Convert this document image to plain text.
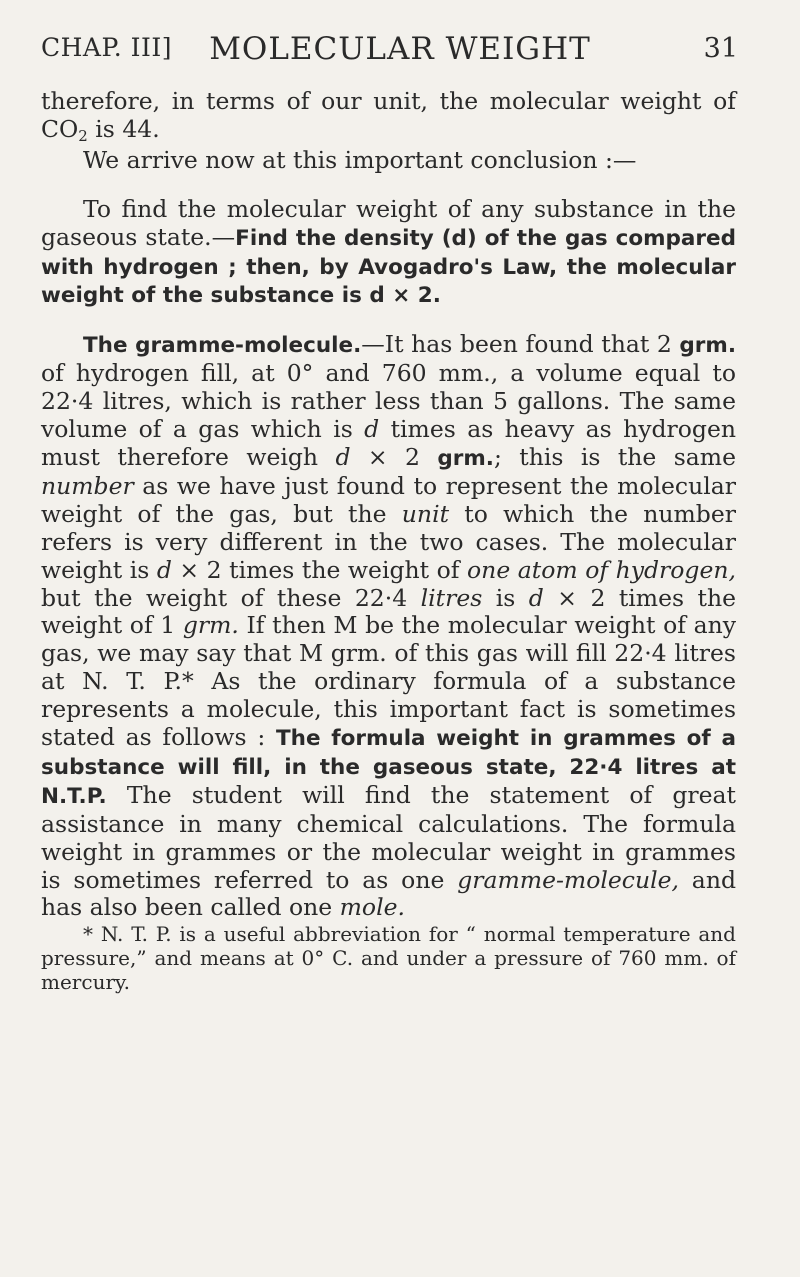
CHAP. III]	MOLECULAR WEIGHT	31

therefore, in terms of our unit, the molecular weight of CO2 is 44.

We arrive now at this important conclusion :—

To find the molecular weight of any substance in the gaseous state.—Find the density (d) of the gas compared with hydrogen ; then, by Avogadro's Law, the molecular weight of the substance is d × 2.

The gramme-molecule.—It has been found that 2 grm. of hydrogen fill, at 0° and 760 mm., a volume equal to 22·4 litres, which is rather less than 5 gallons. The same volume of a gas which is d times as heavy as hydrogen must therefore weigh d × 2 grm.; this is the same number as we have just found to represent the molecular weight of the gas, but the unit to which the number refers is very different in the two cases. The molecular weight is d × 2 times the weight of one atom of hydrogen, but the weight of these 22·4 litres is d × 2 times the weight of 1 grm. If then M be the molecular weight of any gas, we may say that M grm. of this gas will fill 22·4 litres at N. T. P.* As the ordinary formula of a substance represents a molecule, this important fact is sometimes stated as follows : The formula weight in grammes of a substance will fill, in the gaseous state, 22·4 litres at N.T.P. The student will find the statement of great assistance in many chemical calculations. The formula weight in grammes or the molecular weight in grammes is sometimes referred to as one gramme-molecule, and has also been called one mole.

* N. T. P. is a useful abbreviation for “ normal temperature and pressure,” and means at 0° C. and under a pressure of 760 mm. of mercury.
